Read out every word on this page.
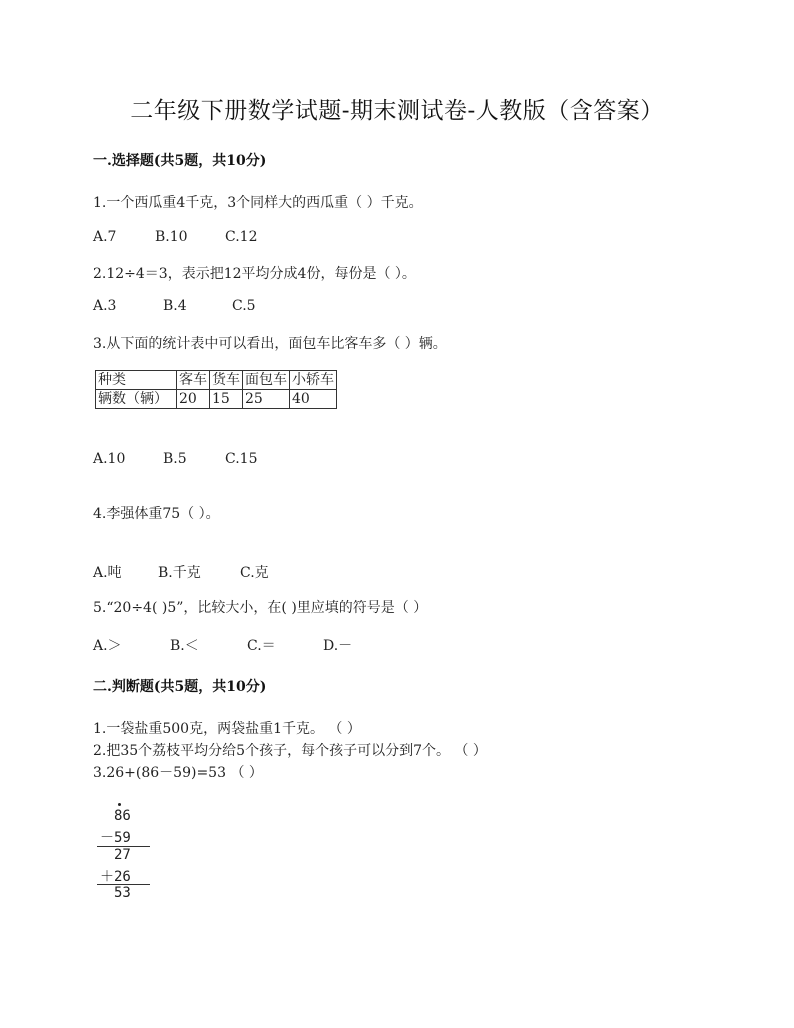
二年级下册数学试题-期末测试卷-人教版（含答案）
一.选择题(共5题，共10分)
1.一个西瓜重4千克，3个同样大的西瓜重（ ）千克。
A.7	B.10	C.12
2.12÷4＝3，表示把12平均分成4份，每份是（ ）。
A.3	B.4	C.5
3.从下面的统计表中可以看出，面包车比客车多（ ）辆。
种类	客车	货车	面包车	小轿车
辆数（辆）	20	15	25	40
A.10	B.5	C.15
4.李强体重75（ ）。
A.吨	B.千克	C.克
5.“20÷4( )5”，比较大小，在( )里应填的符号是（ ）
A.＞	B.＜	C.＝	D.－
二.判断题(共5题，共10分)
1.一袋盐重500克，两袋盐重1千克。 （ ）
2.把35个荔枝平均分给5个孩子，每个孩子可以分到7个。 （ ）
3.26+(86－59)=53 （ ）
86
－59
27
＋26
53
